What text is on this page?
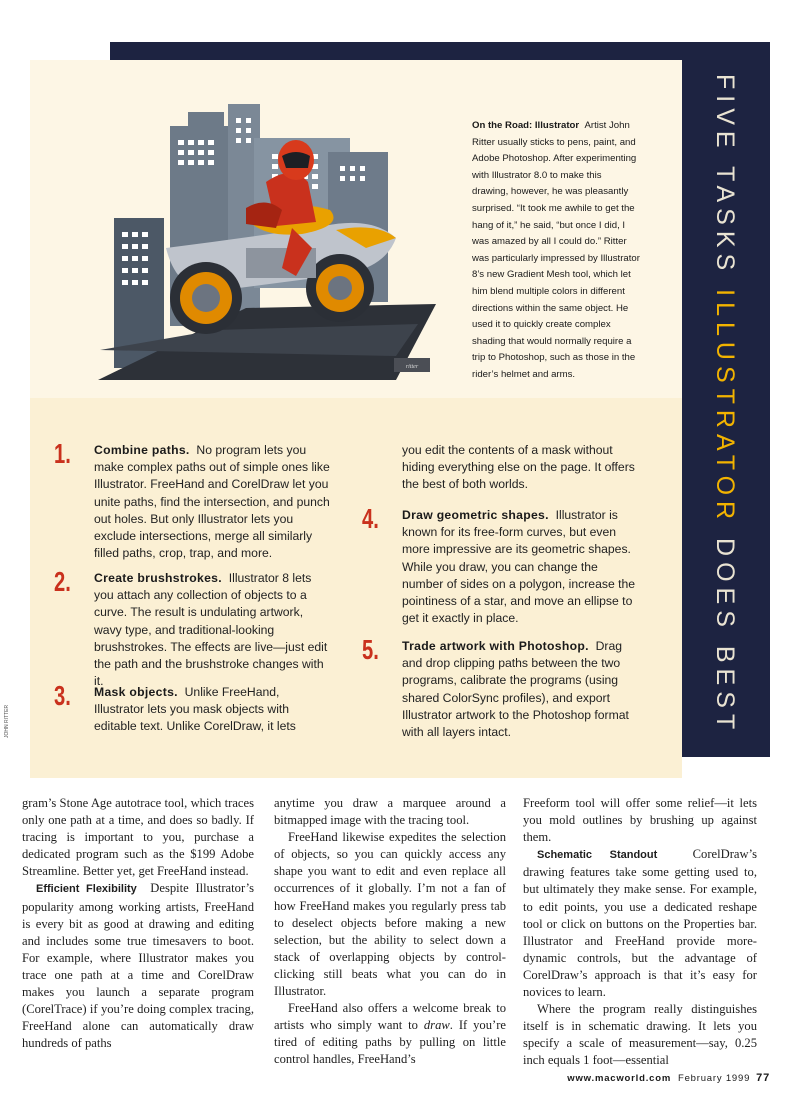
FIVE TASKS ILLUSTRATOR DOES BEST
ritter
On the Road: Illustrator Artist John Ritter usually sticks to pens, paint, and Adobe Photoshop. After experimenting with Illustrator 8.0 to make this drawing, however, he was pleasantly surprised. “It took me awhile to get the hang of it,” he said, “but once I did, I was amazed by all I could do.” Ritter was particularly impressed by Illustrator 8’s new Gradient Mesh tool, which let him blend multiple colors in different directions within the same object. He used it to quickly create complex shading that would normally require a trip to Photoshop, such as those in the rider’s helmet and arms.
1. Combine paths. No program lets you make complex paths out of simple ones like Illustrator. FreeHand and CorelDraw let you unite paths, find the intersection, and punch out holes. But only Illustrator lets you exclude intersections, merge all similarly filled paths, crop, trap, and more.
2. Create brushstrokes. Illustrator 8 lets you attach any collection of objects to a curve. The result is undulating artwork, wavy type, and traditional-looking brushstrokes. The effects are live—just edit the path and the brushstroke changes with it.
3. Mask objects. Unlike FreeHand, Illustrator lets you mask objects with editable text. Unlike CorelDraw, it lets
you edit the contents of a mask without hiding everything else on the page. It offers the best of both worlds.
4. Draw geometric shapes. Illustrator is known for its free-form curves, but even more impressive are its geometric shapes. While you draw, you can change the number of sides on a polygon, increase the pointiness of a star, and move an ellipse to get it exactly in place.
5. Trade artwork with Photoshop. Drag and drop clipping paths between the two programs, calibrate the programs (using shared ColorSync profiles), and export Illustrator artwork to the Photoshop format with all layers intact.
JOHN RITTER

gram’s Stone Age autotrace tool, which traces only one path at a time, and does so badly. If tracing is important to you, purchase a dedicated program such as the $199 Adobe Streamline. Better yet, get FreeHand instead.

Efficient Flexibility Despite Illustrator’s popularity among working artists, FreeHand is every bit as good at drawing and editing and includes some true timesavers to boot. For example, where Illustrator makes you trace one path at a time and CorelDraw makes you launch a separate program (CorelTrace) if you’re doing complex tracing, FreeHand alone can automatically draw hundreds of paths

anytime you draw a marquee around a bitmapped image with the tracing tool.

FreeHand likewise expedites the selection of objects, so you can quickly access any shape you want to edit and even replace all occurrences of it globally. I’m not a fan of how FreeHand makes you regularly press tab to deselect objects before making a new selection, but the ability to select down a stack of overlapping objects by control-clicking still beats what you can do in Illustrator.

FreeHand also offers a welcome break to artists who simply want to draw. If you’re tired of editing paths by pulling on little control handles, FreeHand’s

Freeform tool will offer some relief—it lets you mold outlines by brushing up against them.

Schematic Standout	CorelDraw’s drawing features take some getting used to, but ultimately they make sense. For example, to edit points, you use a dedicated reshape tool or click on buttons on the Properties bar. Illustrator and FreeHand provide more-dynamic controls, but the advantage of CorelDraw’s approach is that it’s easy for novices to learn.

Where the program really distinguishes itself is in schematic drawing. It lets you specify a scale of measurement—say, 0.25 inch equals 1 foot—essential

www.macworld.com February 1999 77
